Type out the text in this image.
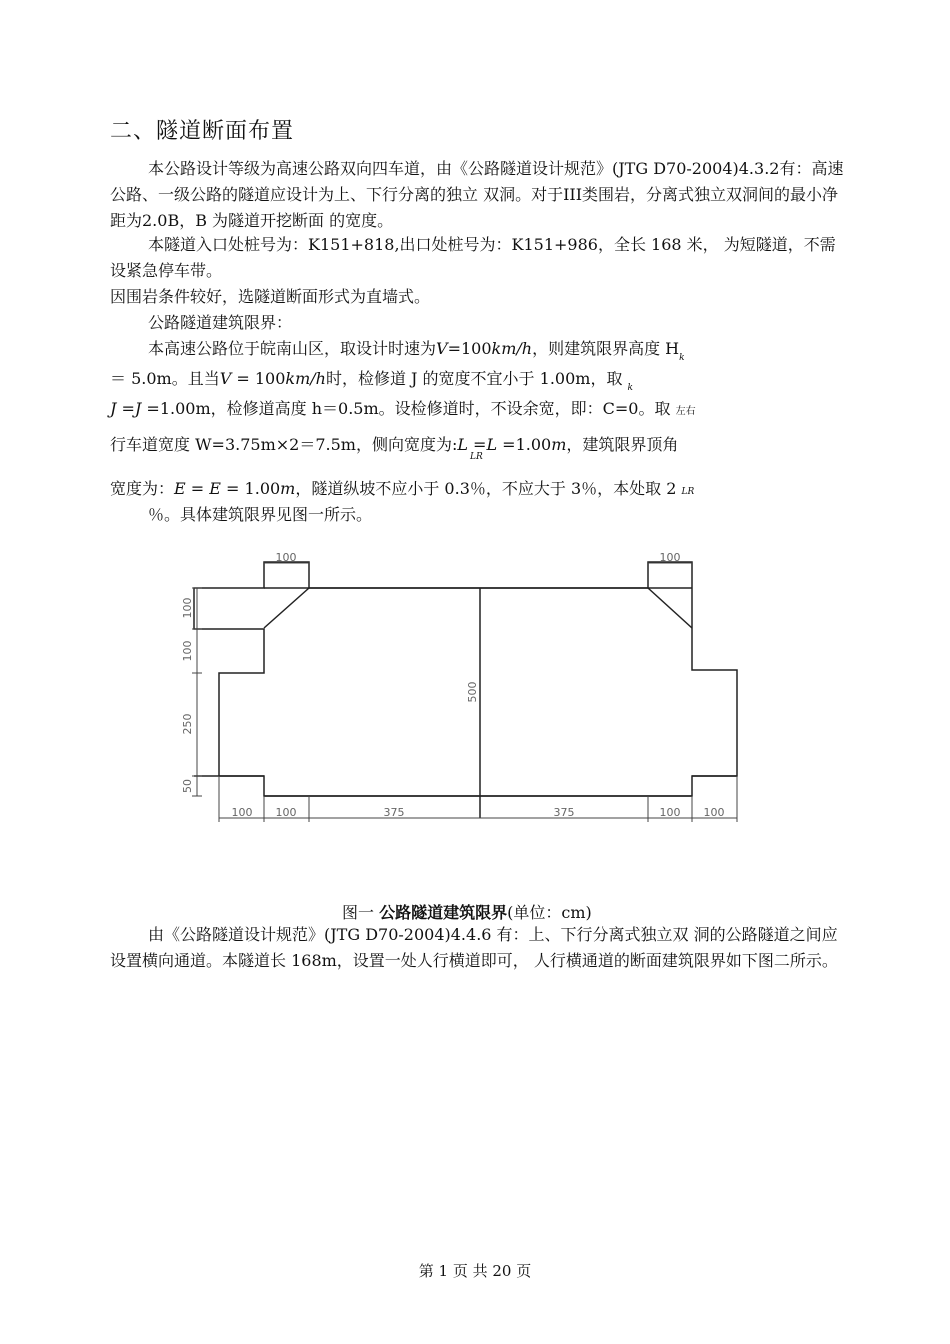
二、隧道断面布置
本公路设计等级为高速公路双向四车道，由《公路隧道设计规范》(JTG D70-2004)4.3.2有：高速公路、一级公路的隧道应设计为上、下行分离的独立 双洞。对于III类围岩，分离式独立双洞间的最小净距为2.0B，B 为隧道开挖断面 的宽度。
本隧道入口处桩号为：K151+818,出口处桩号为：K151+986，全长 168 米， 为短隧道，不需设紧急停车带。
因围岩条件较好，选隧道断面形式为直墙式。
公路隧道建筑限界：
本高速公路位于皖南山区，取设计时速为V=100km/h，则建筑限界高度 $H_k$
＝ 5.0m。且当V = 100km/h时，检修道 J 的宽度不宜小于 1.00m，取 $_k$
J =J =1.00m，检修道高度 h＝0.5m。设检修道时，不设余宽，即：C=0。取 左右
行车道宽度 W=3.75m×2＝7.5m，侧向宽度为:L =L =1.00m，建筑限界顶角
LR
宽度为：E = E = 1.00m，隧道纵坡不应小于 0.3％，不应大于 3％，本处取 2 LR
％。具体建筑限界见图一所示。
100	100
100
100
250
50
500
100 100	375	375	100 100
图一 公路隧道建筑限界(单位：cm)
由《公路隧道设计规范》(JTG D70-2004)4.4.6 有：上、下行分离式独立双 洞的公路隧道之间应设置横向通道。本隧道长 168m，设置一处人行横道即可， 人行横通道的断面建筑限界如下图二所示。
第 1 页 共 20 页
